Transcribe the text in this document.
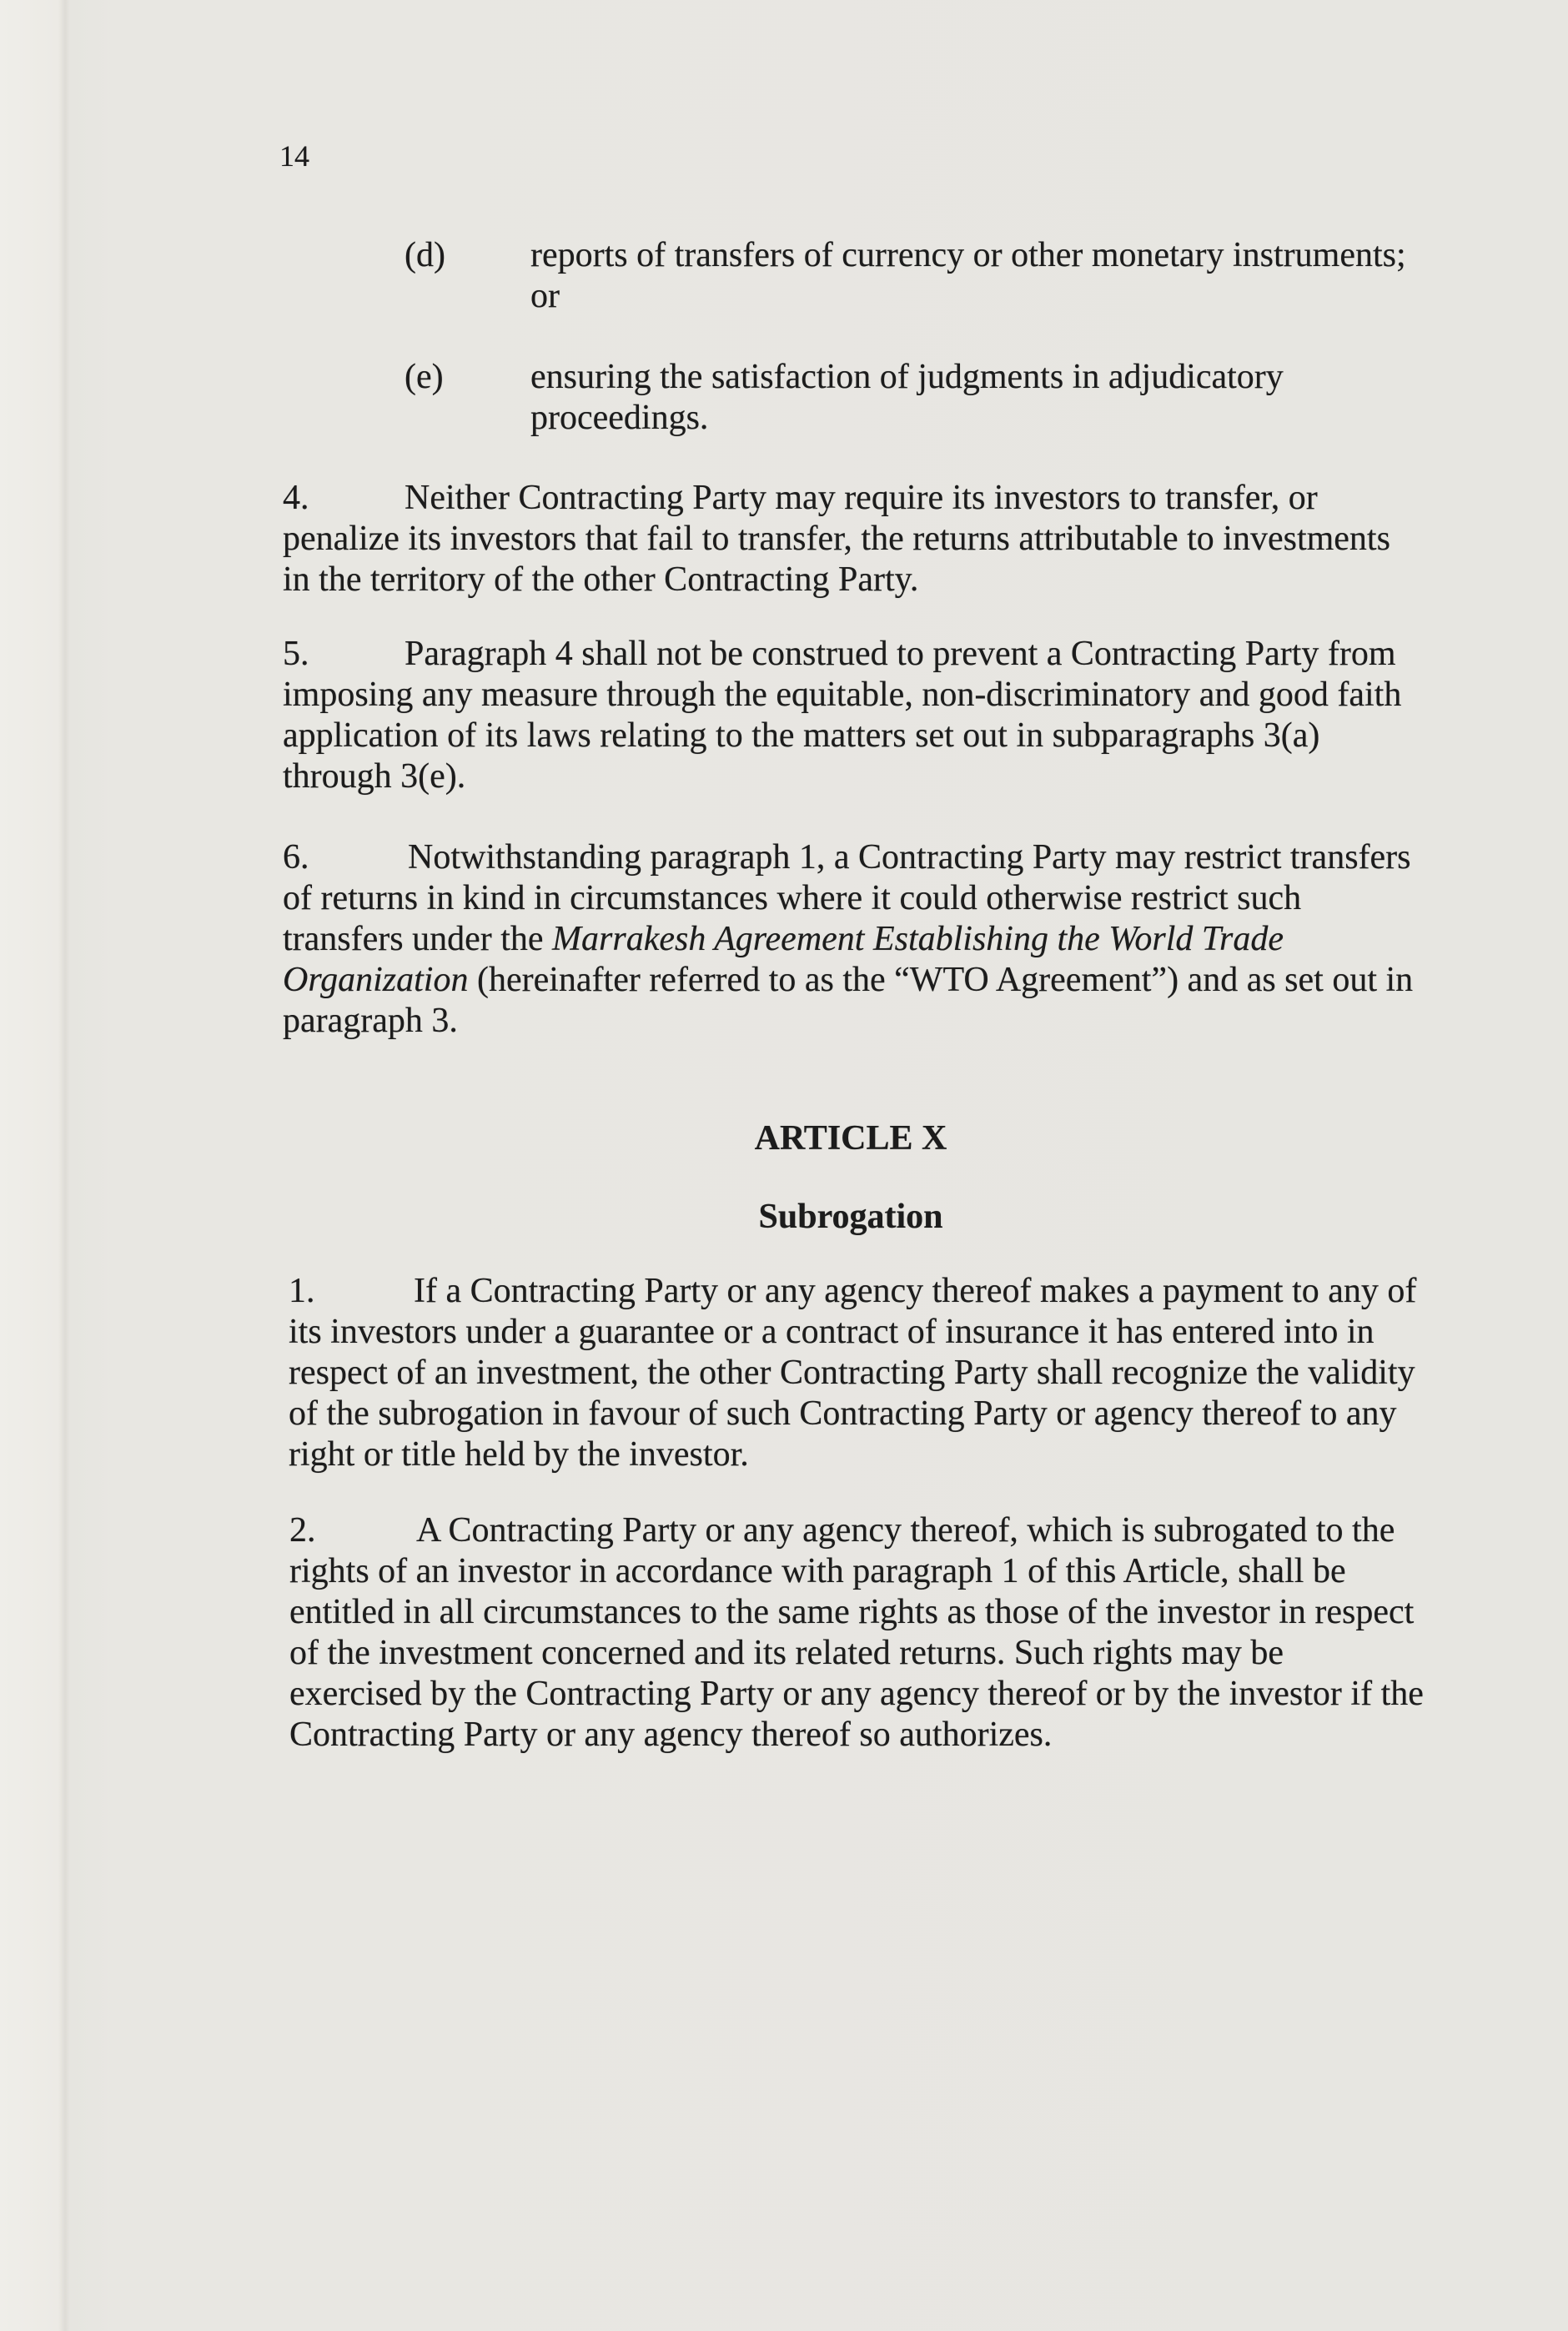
14
(d) reports of transfers of currency or other monetary instruments;
or
(e) ensuring the satisfaction of judgments in adjudicatory
proceedings.
4.	Neither Contracting Party may require its investors to transfer, or
penalize its investors that fail to transfer, the returns attributable to investments
in the territory of the other Contracting Party.
5.	Paragraph 4 shall not be construed to prevent a Contracting Party from
imposing any measure through the equitable, non-discriminatory and good faith
application of its laws relating to the matters set out in subparagraphs 3(a)
through 3(e).
6.	Notwithstanding paragraph 1, a Contracting Party may restrict transfers
of returns in kind in circumstances where it could otherwise restrict such
transfers under the Marrakesh Agreement Establishing the World Trade
Organization (hereinafter referred to as the “WTO Agreement”) and as set out in
paragraph 3.
ARTICLE X
Subrogation
1.	If a Contracting Party or any agency thereof makes a payment to any of
its investors under a guarantee or a contract of insurance it has entered into in
respect of an investment, the other Contracting Party shall recognize the validity
of the subrogation in favour of such Contracting Party or agency thereof to any
right or title held by the investor.
2.	A Contracting Party or any agency thereof, which is subrogated to the
rights of an investor in accordance with paragraph 1 of this Article, shall be
entitled in all circumstances to the same rights as those of the investor in respect
of the investment concerned and its related returns. Such rights may be
exercised by the Contracting Party or any agency thereof or by the investor if the
Contracting Party or any agency thereof so authorizes.
